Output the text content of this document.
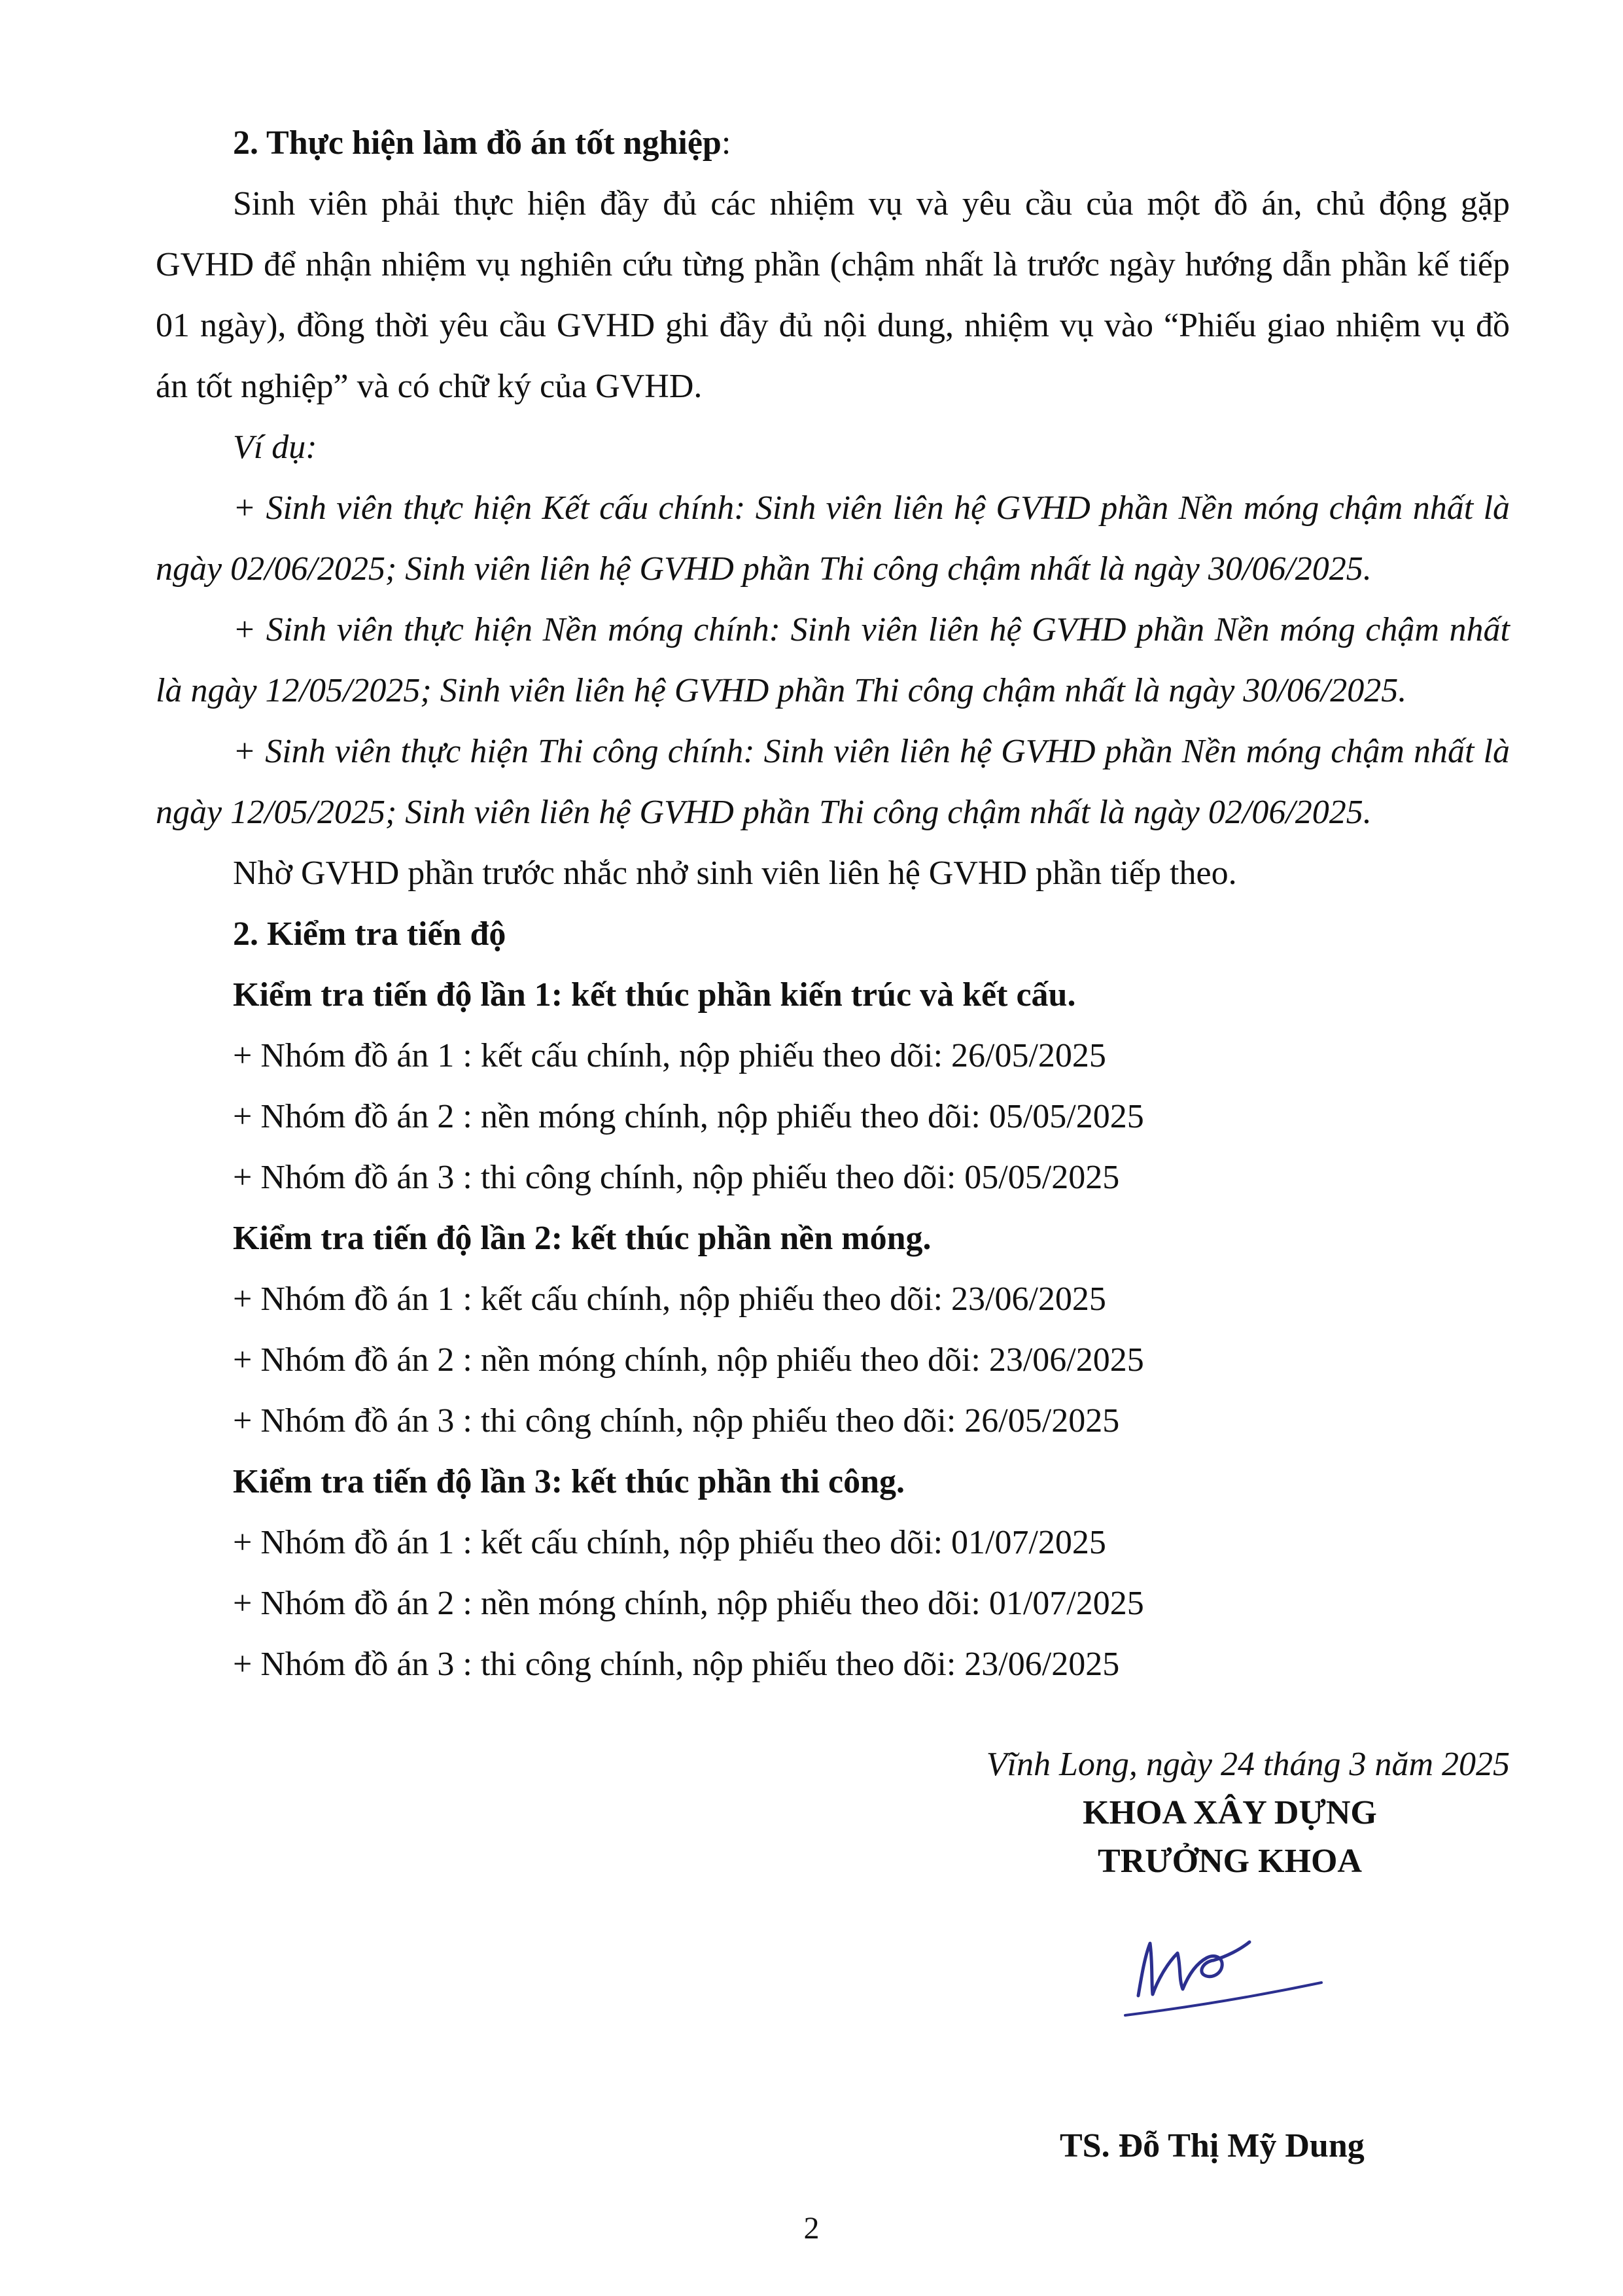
2. Thực hiện làm đồ án tốt nghiệp:

Sinh viên phải thực hiện đầy đủ các nhiệm vụ và yêu cầu của một đồ án, chủ động gặp GVHD để nhận nhiệm vụ nghiên cứu từng phần (chậm nhất là trước ngày hướng dẫn phần kế tiếp 01 ngày), đồng thời yêu cầu GVHD ghi đầy đủ nội dung, nhiệm vụ vào “Phiếu giao nhiệm vụ đồ án tốt nghiệp” và có chữ ký của GVHD.

Ví dụ:

+ Sinh viên thực hiện Kết cấu chính: Sinh viên liên hệ GVHD phần Nền móng chậm nhất là ngày 02/06/2025; Sinh viên liên hệ GVHD phần Thi công chậm nhất là ngày 30/06/2025.

+ Sinh viên thực hiện Nền móng chính: Sinh viên liên hệ GVHD phần Nền móng chậm nhất là ngày 12/05/2025; Sinh viên liên hệ GVHD phần Thi công chậm nhất là ngày 30/06/2025.

+ Sinh viên thực hiện Thi công chính: Sinh viên liên hệ GVHD phần Nền móng chậm nhất là ngày 12/05/2025; Sinh viên liên hệ GVHD phần Thi công chậm nhất là ngày 02/06/2025.

Nhờ GVHD phần trước nhắc nhở sinh viên liên hệ GVHD phần tiếp theo.

2. Kiểm tra tiến độ

Kiểm tra tiến độ lần 1: kết thúc phần kiến trúc và kết cấu.

+ Nhóm đồ án 1 : kết cấu chính, nộp phiếu theo dõi: 26/05/2025

+ Nhóm đồ án 2 : nền móng chính, nộp phiếu theo dõi: 05/05/2025

+ Nhóm đồ án 3 : thi công chính, nộp phiếu theo dõi: 05/05/2025

Kiểm tra tiến độ lần 2: kết thúc phần nền móng.

+ Nhóm đồ án 1 : kết cấu chính, nộp phiếu theo dõi: 23/06/2025

+ Nhóm đồ án 2 : nền móng chính, nộp phiếu theo dõi: 23/06/2025

+ Nhóm đồ án 3 : thi công chính, nộp phiếu theo dõi: 26/05/2025

Kiểm tra tiến độ lần 3: kết thúc phần thi công.

+ Nhóm đồ án 1 : kết cấu chính, nộp phiếu theo dõi: 01/07/2025

+ Nhóm đồ án 2 : nền móng chính, nộp phiếu theo dõi: 01/07/2025

+ Nhóm đồ án 3 : thi công chính, nộp phiếu theo dõi: 23/06/2025

Vĩnh Long, ngày 24 tháng 3 năm 2025

KHOA XÂY DỰNG

TRƯỞNG KHOA

TS. Đỗ Thị Mỹ Dung

2
